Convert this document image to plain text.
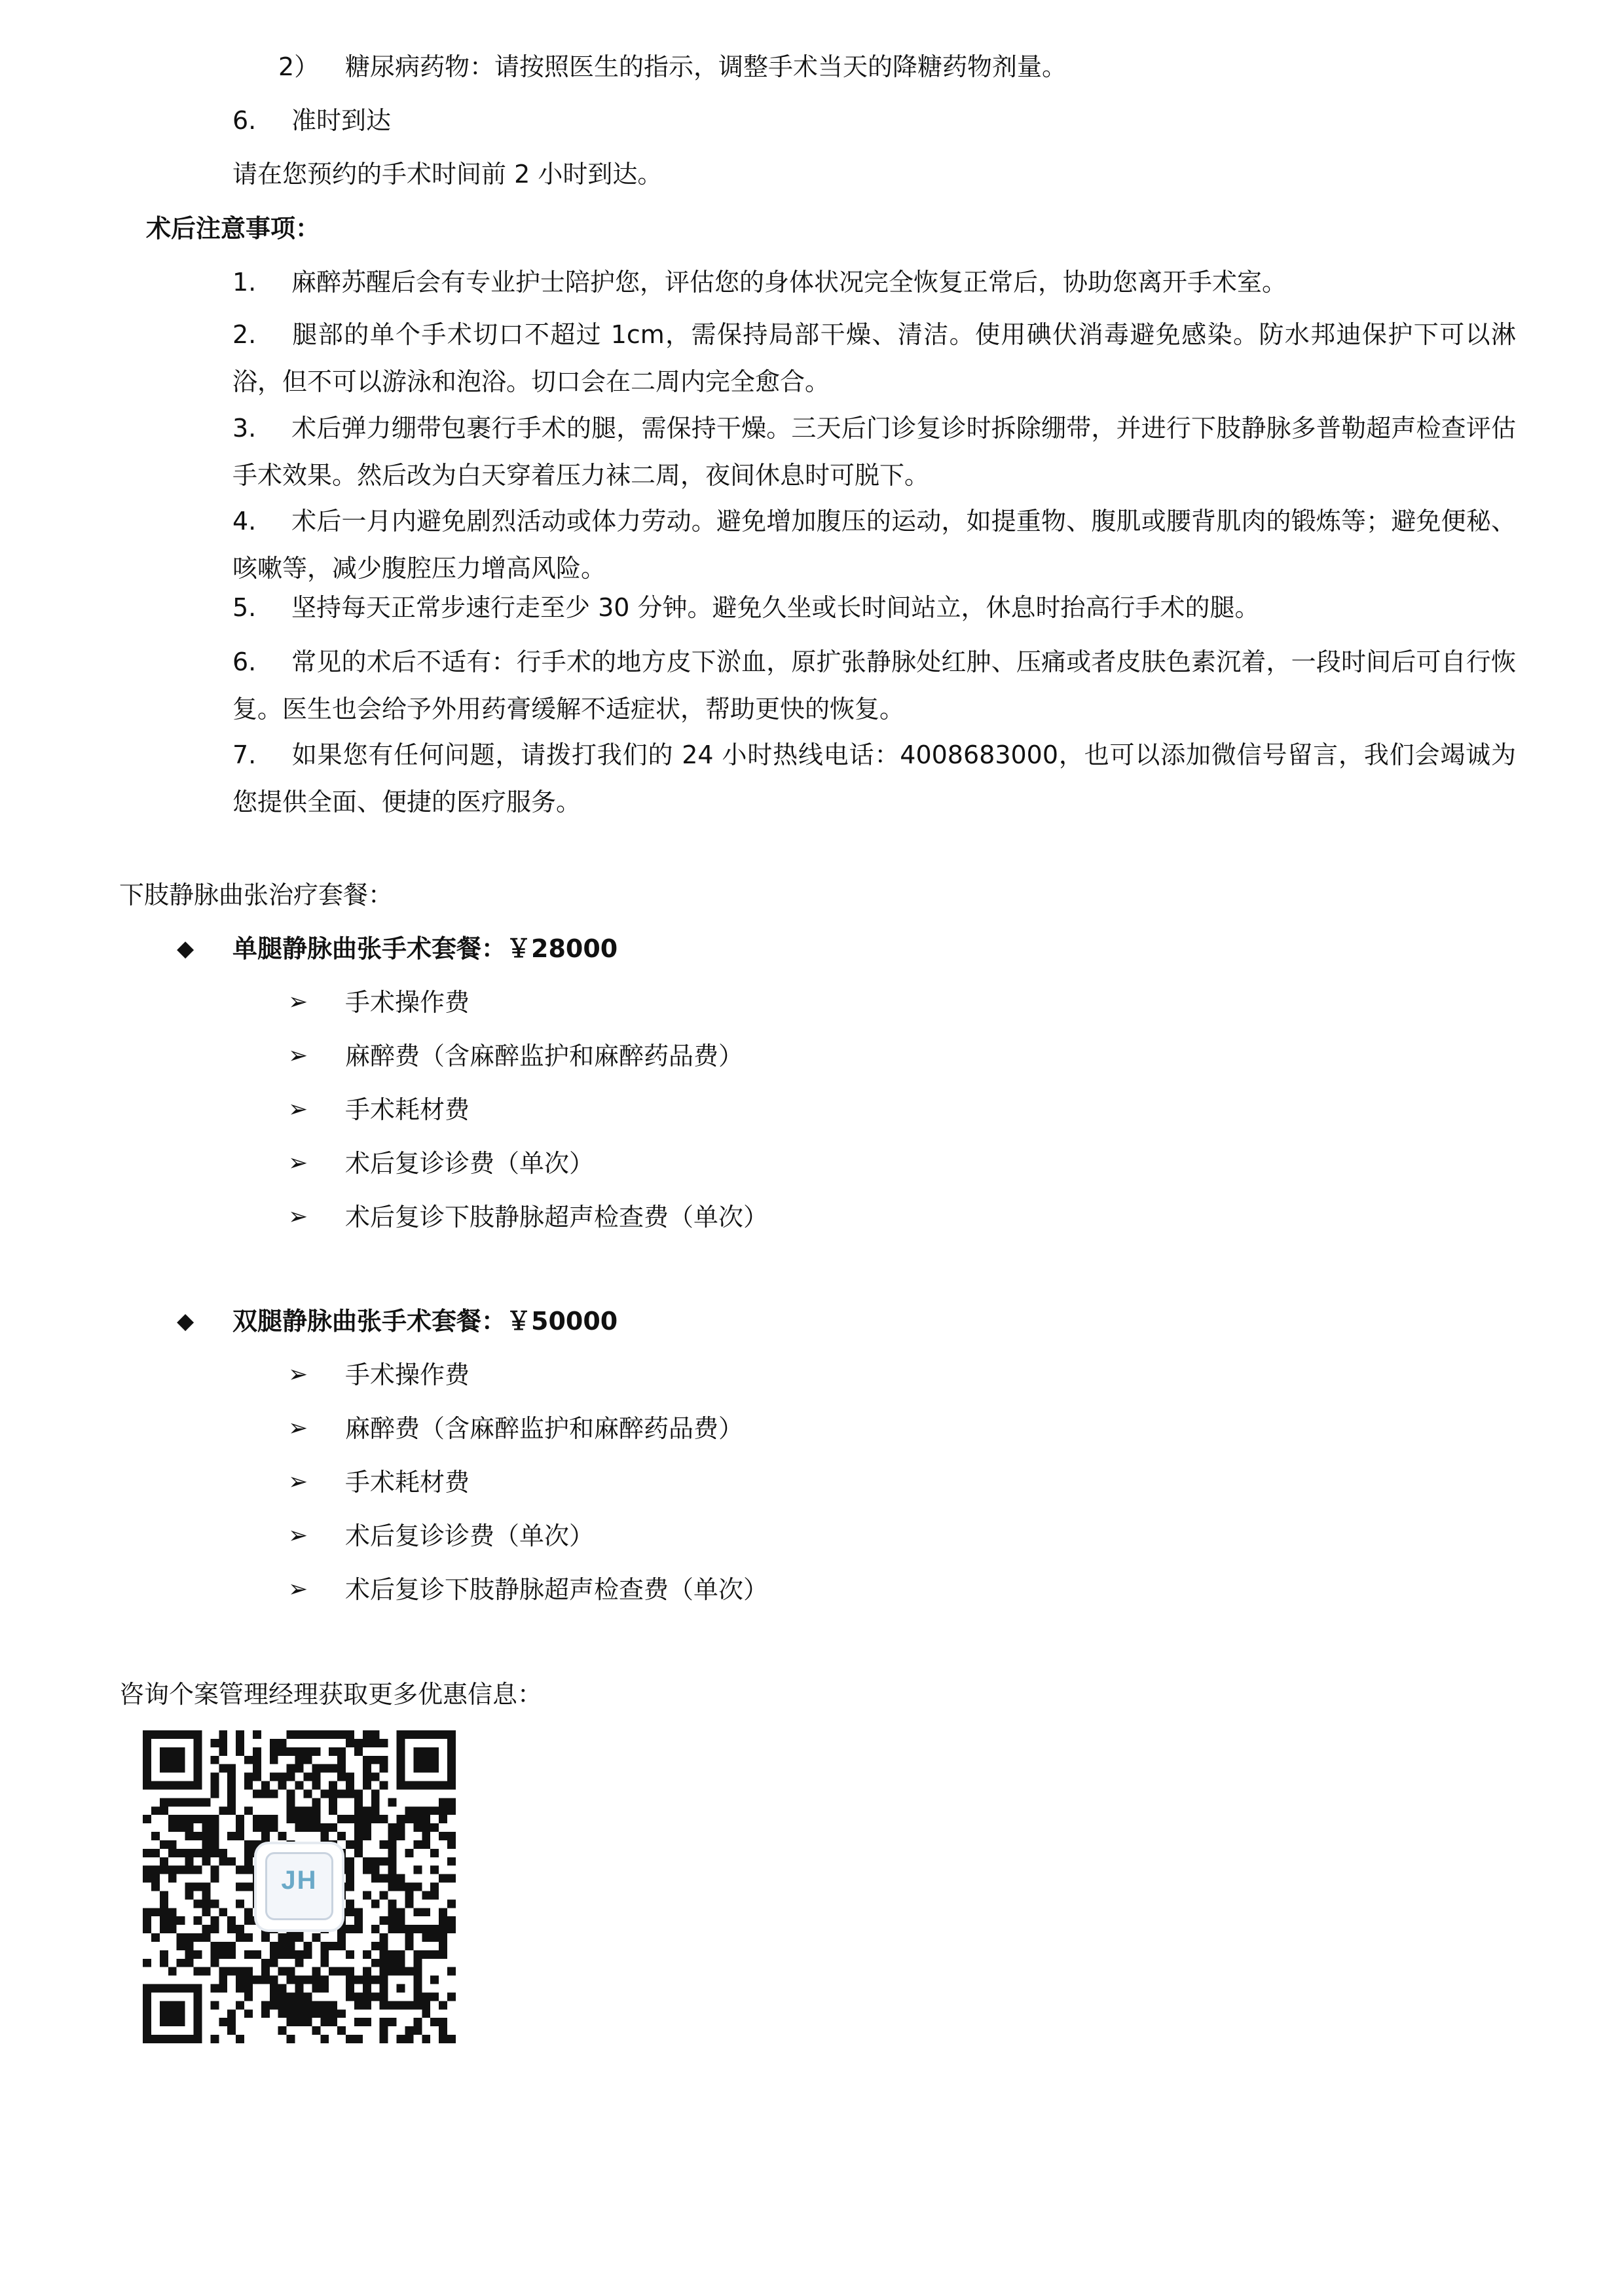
2） 糖尿病药物：请按照医生的指示，调整手术当天的降糖药物剂量。
6. 准时到达
请在您预约的手术时间前 2 小时到达。
术后注意事项：
1. 麻醉苏醒后会有专业护士陪护您，评估您的身体状况完全恢复正常后，协助您离开手术室。
2. 腿部的单个手术切口不超过 1cm，需保持局部干燥、清洁。使用碘伏消毒避免感染。防水邦迪保护下可以淋浴，但不可以游泳和泡浴。切口会在二周内完全愈合。
3. 术后弹力绷带包裹行手术的腿，需保持干燥。三天后门诊复诊时拆除绷带，并进行下肢静脉多普勒超声检查评估手术效果。然后改为白天穿着压力袜二周，夜间休息时可脱下。
4. 术后一月内避免剧烈活动或体力劳动。避免增加腹压的运动，如提重物、腹肌或腰背肌肉的锻炼等；避免便秘、咳嗽等，减少腹腔压力增高风险。
5. 坚持每天正常步速行走至少 30 分钟。避免久坐或长时间站立，休息时抬高行手术的腿。
6. 常见的术后不适有：行手术的地方皮下淤血，原扩张静脉处红肿、压痛或者皮肤色素沉着，一段时间后可自行恢复。医生也会给予外用药膏缓解不适症状，帮助更快的恢复。
7. 如果您有任何问题，请拨打我们的 24 小时热线电话：4008683000，也可以添加微信号留言，我们会竭诚为您提供全面、便捷的医疗服务。
下肢静脉曲张治疗套餐：
◆ 单腿静脉曲张手术套餐：￥28000
➢ 手术操作费
➢ 麻醉费（含麻醉监护和麻醉药品费）
➢ 手术耗材费
➢ 术后复诊诊费（单次）
➢ 术后复诊下肢静脉超声检查费（单次）
◆ 双腿静脉曲张手术套餐：￥50000
➢ 手术操作费
➢ 麻醉费（含麻醉监护和麻醉药品费）
➢ 手术耗材费
➢ 术后复诊诊费（单次）
➢ 术后复诊下肢静脉超声检查费（单次）
咨询个案管理经理获取更多优惠信息：
JH
